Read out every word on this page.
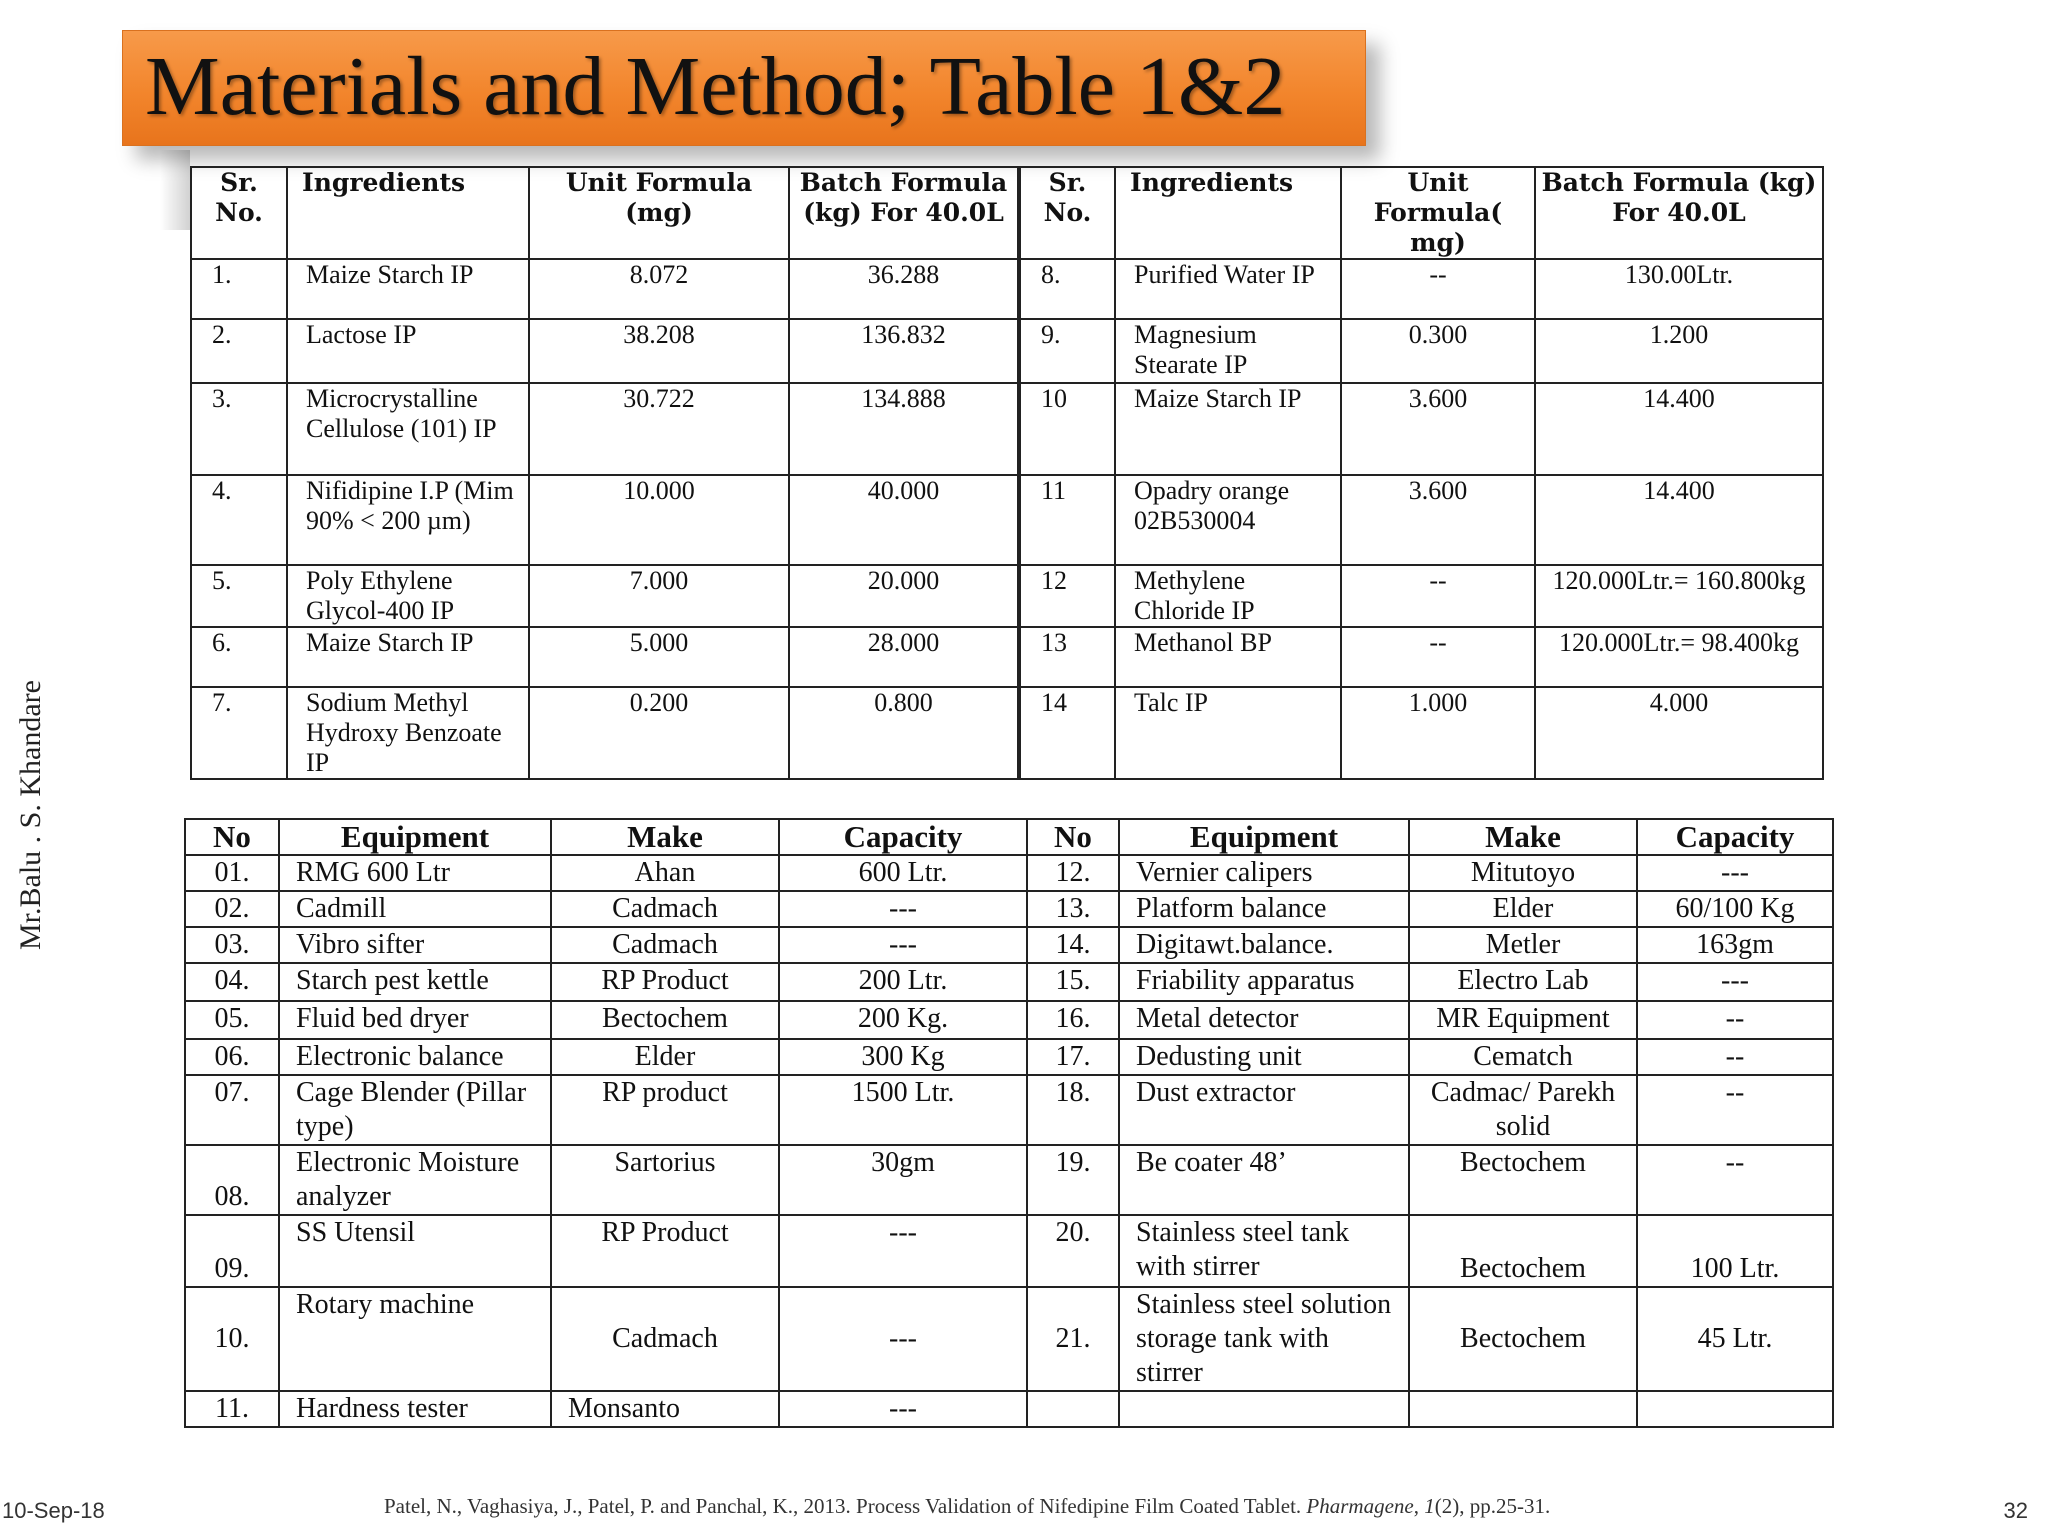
Materials and Method; Table 1&2
Mr.Balu . S. Khandare
Sr. No.	Ingredients	Unit Formula (mg)	Batch Formula (kg) For 40.0L	Sr. No.	Ingredients	Unit Formula( mg)	Batch Formula (kg) For 40.0L
1.	Maize Starch IP	8.072	36.288	8.	Purified Water IP	--	130.00Ltr.
2.	Lactose IP	38.208	136.832	9.	Magnesium Stearate IP	0.300	1.200
3.	Microcrystalline Cellulose (101) IP	30.722	134.888	10	Maize Starch IP	3.600	14.400
4.	Nifidipine I.P (Mim 90% < 200 µm)	10.000	40.000	11	Opadry orange 02B530004	3.600	14.400
5.	Poly Ethylene Glycol-400 IP	7.000	20.000	12	Methylene Chloride IP	--	120.000Ltr.= 160.800kg
6.	Maize Starch IP	5.000	28.000	13	Methanol BP	--	120.000Ltr.= 98.400kg
7.	Sodium Methyl Hydroxy Benzoate IP	0.200	0.800	14	Talc IP	1.000	4.000
No	Equipment	Make	Capacity	No	Equipment	Make	Capacity
01.	RMG 600 Ltr	Ahan	600 Ltr.	12.	Vernier calipers	Mitutoyo	---
02.	Cadmill	Cadmach	---	13.	Platform balance	Elder	60/100 Kg
03.	Vibro sifter	Cadmach	---	14.	Digitawt.balance.	Metler	163gm
04.	Starch pest kettle	RP Product	200 Ltr.	15.	Friability apparatus	Electro Lab	---
05.	Fluid bed dryer	Bectochem	200 Kg.	16.	Metal detector	MR Equipment	--
06.	Electronic balance	Elder	300 Kg	17.	Dedusting unit	Cematch	--
07.	Cage Blender (Pillar type)	RP product	1500 Ltr.	18.	Dust extractor	Cadmac/ Parekh solid	--
08.	Electronic Moisture analyzer	Sartorius	30gm	19.	Be coater 48’	Bectochem	--
09.	SS Utensil	RP Product	---	20.	Stainless steel tank with stirrer	Bectochem	100 Ltr.
10.	Rotary machine	Cadmach	---	21.	Stainless steel solution storage tank with stirrer	Bectochem	45 Ltr.
11.	Hardness tester	Monsanto	---				
10-Sep-18	Patel, N., Vaghasiya, J., Patel, P. and Panchal, K., 2013. Process Validation of Nifedipine Film Coated Tablet. Pharmagene, 1(2), pp.25-31.	32
